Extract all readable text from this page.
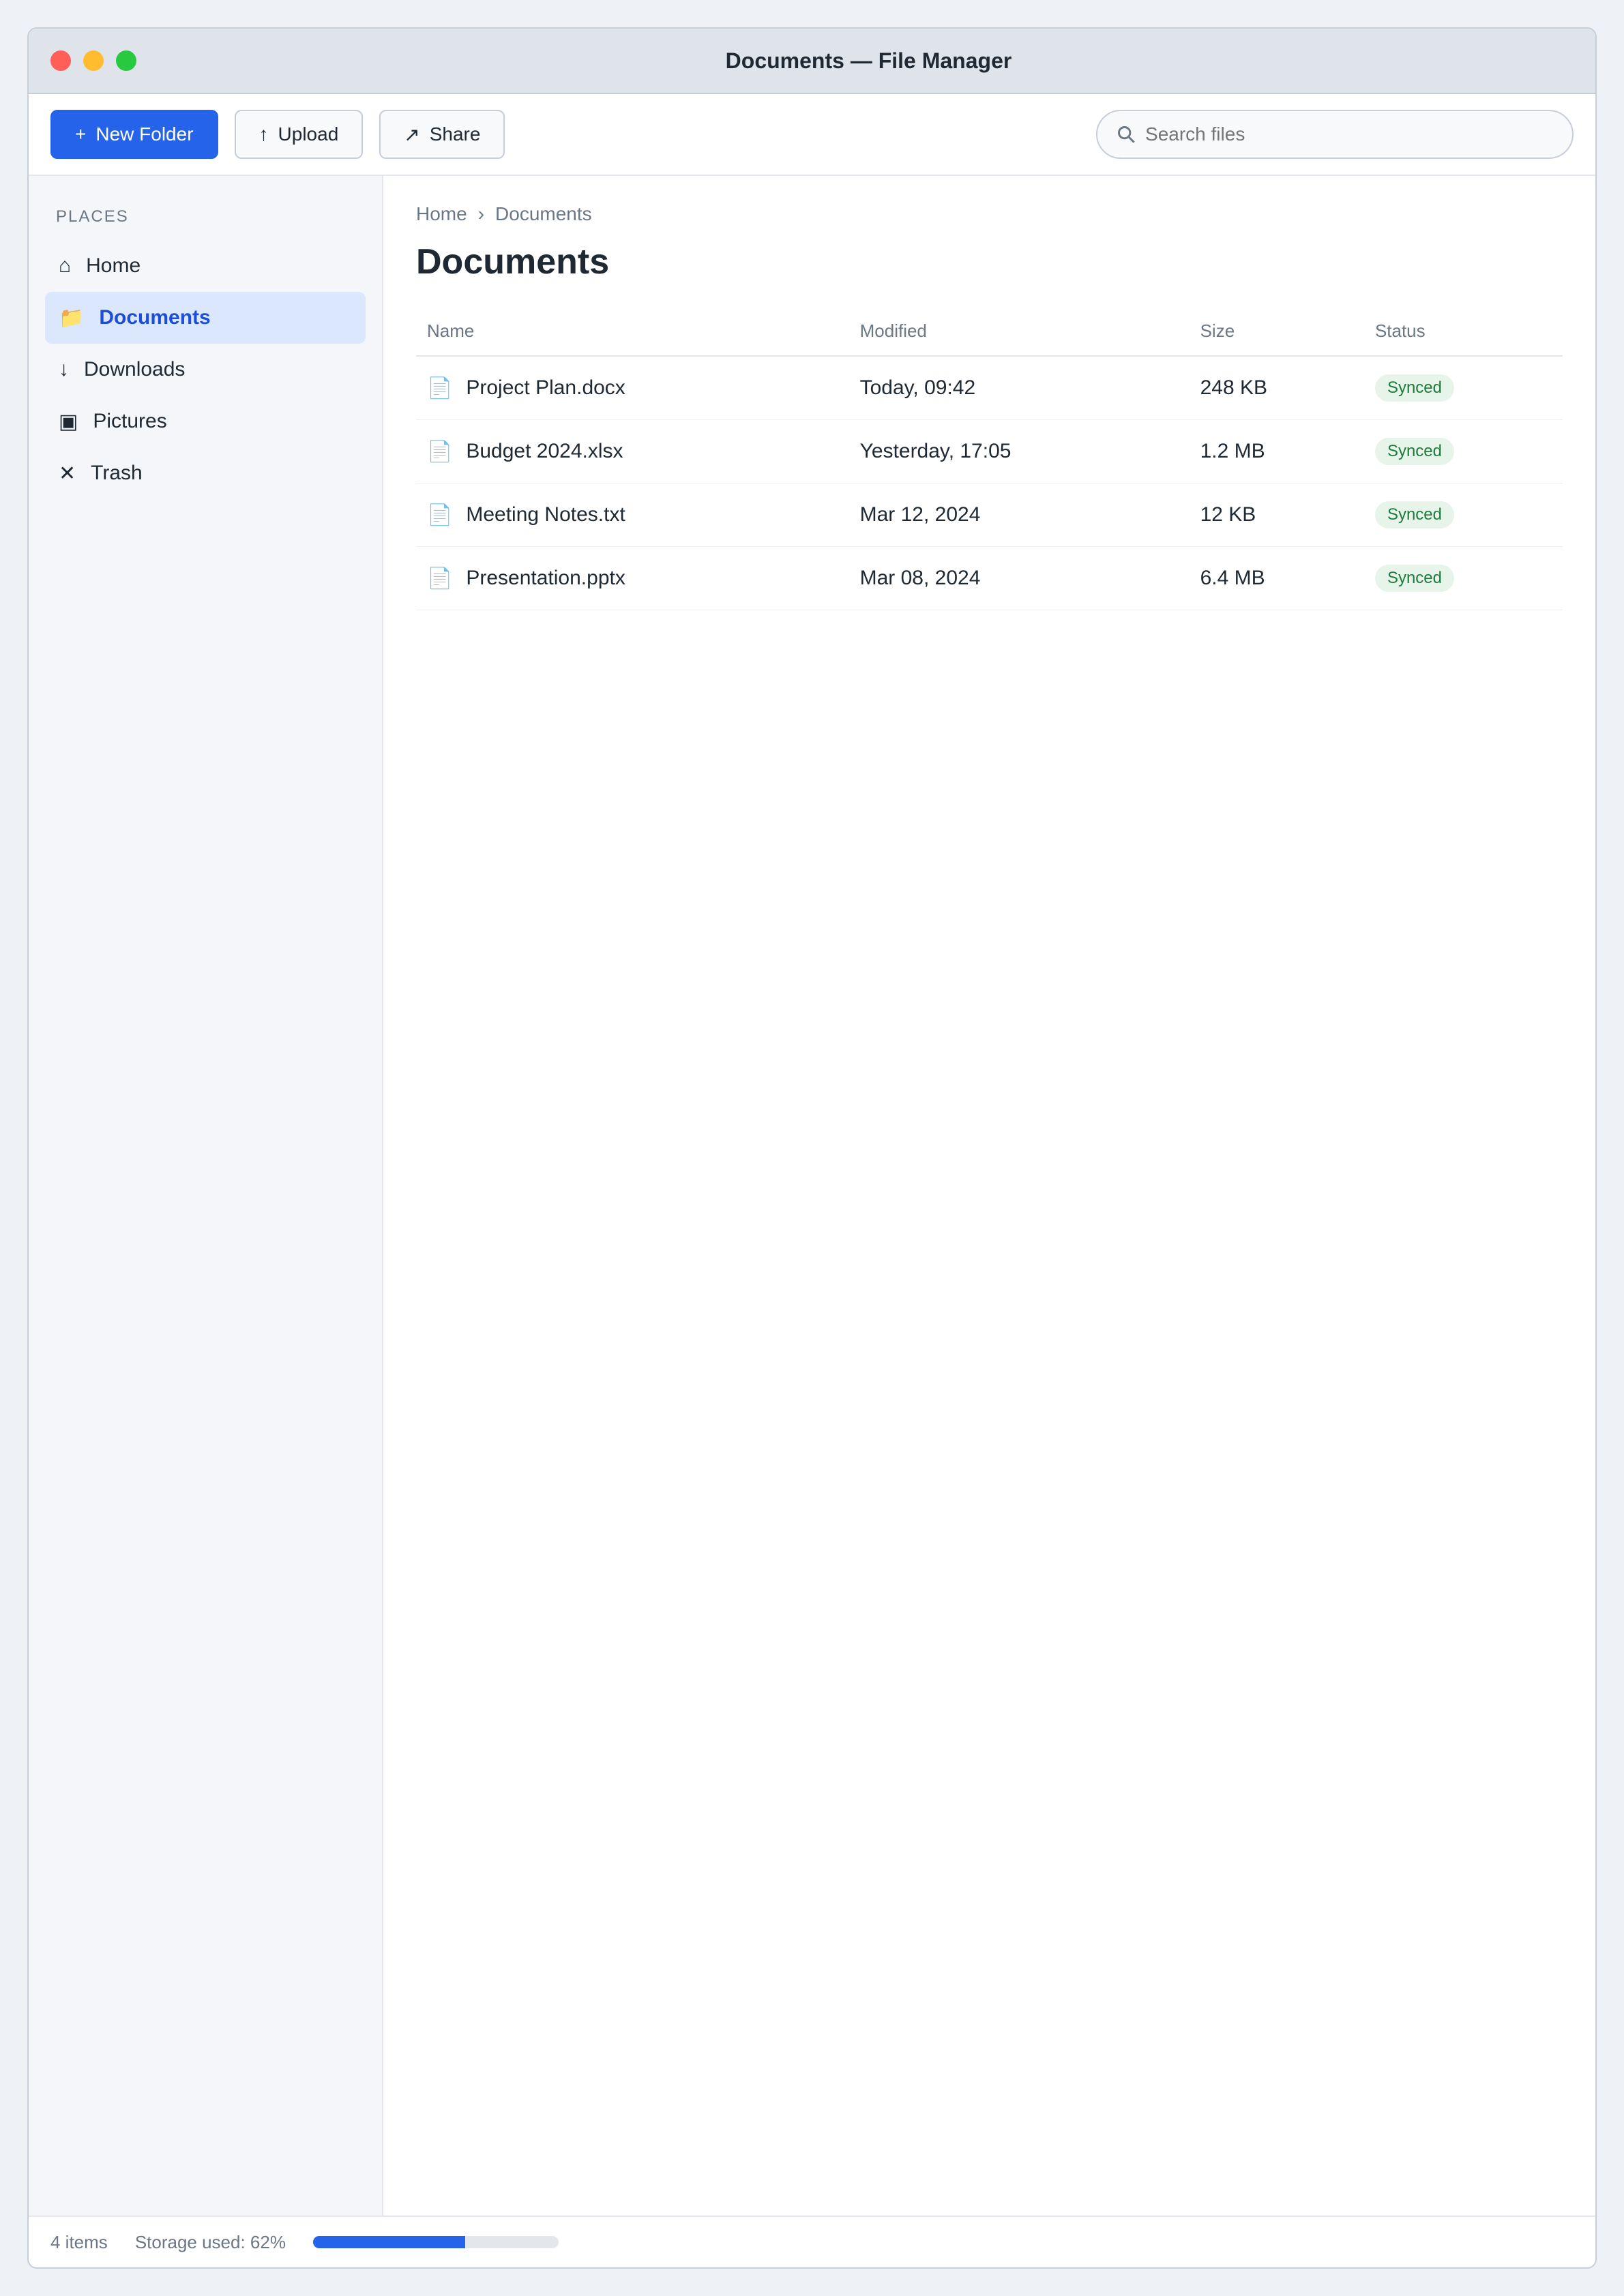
Documents — File Manager
+ New Folder	↑ Upload	↗ Share
Search files
PLACES
⌂ Home
📁 Documents
↓ Downloads
▣ Pictures
✕ Trash
Home › Documents
Documents
Name	Modified	Size	Status

📄 Project Plan.docx	Today, 09:42	248 KB	Synced

📄 Budget 2024.xlsx	Yesterday, 17:05	1.2 MB	Synced

📄 Meeting Notes.txt	Mar 12, 2024	12 KB	Synced

📄 Presentation.pptx	Mar 08, 2024	6.4 MB	Synced
4 items Storage used: 62%
